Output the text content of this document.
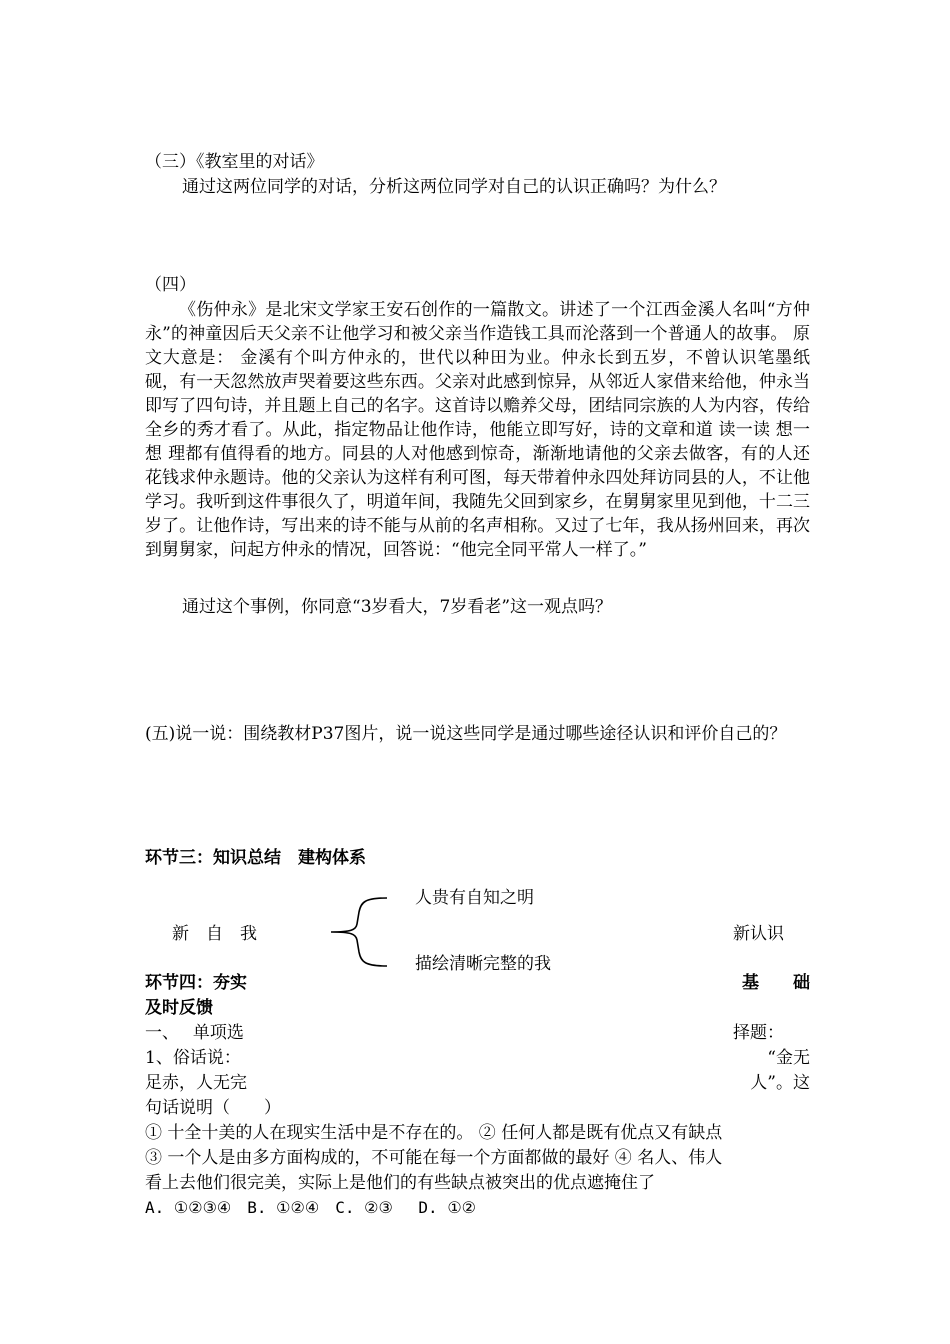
（三）《教室里的对话》
通过这两位同学的对话，分析这两位同学对自己的认识正确吗？为什么？
（四）
《伤仲永》是北宋文学家王安石创作的一篇散文。讲述了一个江西金溪人名叫“方仲永”的神童因后天父亲不让他学习和被父亲当作造钱工具而沦落到一个普通人的故事。 原文大意是： 金溪有个叫方仲永的，世代以种田为业。仲永长到五岁，不曾认识笔墨纸砚，有一天忽然放声哭着要这些东西。父亲对此感到惊异，从邻近人家借来给他，仲永当即写了四句诗，并且题上自己的名字。这首诗以赡养父母，团结同宗族的人为内容，传给全乡的秀才看了。从此，指定物品让他作诗，他能立即写好，诗的文章和道 读一读 想一想 理都有值得看的地方。同县的人对他感到惊奇，渐渐地请他的父亲去做客，有的人还花钱求仲永题诗。他的父亲认为这样有利可图，每天带着仲永四处拜访同县的人，不让他学习。我听到这件事很久了，明道年间，我随先父回到家乡，在舅舅家里见到他，十二三岁了。让他作诗，写出来的诗不能与从前的名声相称。又过了七年，我从扬州回来，再次到舅舅家，问起方仲永的情况，回答说：“他完全同平常人一样了。”
通过这个事例，你同意“3岁看大，7岁看老”这一观点吗？
(五)说一说：围绕教材P37图片，说一说这些同学是通过哪些途径认识和评价自己的？
环节三：知识总结　建构体系
人贵有自知之明
新　自　我
描绘清晰完整的我
新认识
环节四：夯实	基　　础
及时反馈
一、　 单项选	择题：
1、俗话说：	“金无
足赤，人无完	人”。这
句话说明（　　）
① 十全十美的人在现实生活中是不存在的。 ② 任何人都是既有优点又有缺点
③ 一个人是由多方面构成的，不可能在每一个方面都做的最好 ④ 名人、伟人
看上去他们很完美，实际上是他们的有些缺点被突出的优点遮掩住了
A. ①②③④　B. ①②④　C. ②③　 D. ①②
